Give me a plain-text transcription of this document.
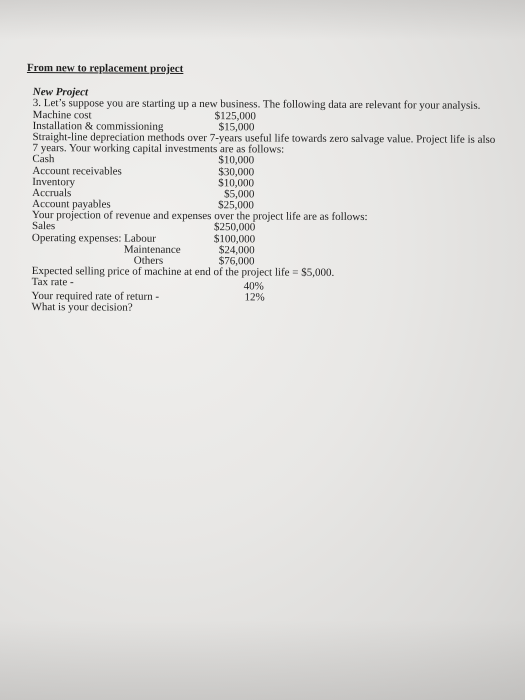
From new to replacement project
New Project
3. Let’s suppose you are starting up a new business. The following data are relevant for your analysis.
Machine cost	$125,000
Installation & commissioning	$15,000
Straight-line depreciation methods over 7-years useful life towards zero salvage value. Project life is also
7 years. Your working capital investments are as follows:
Cash	$10,000
Account receivables	$30,000
Inventory	$10,000
Accruals	$5,000
Account payables	$25,000
Your projection of revenue and expenses over the project life are as follows:
Sales	$250,000
Operating expenses: Labour	$100,000
Maintenance	$24,000
Others	$76,000
Expected selling price of machine at end of the project life = $5,000.
Tax rate -	40%
Your required rate of return -	12%
What is your decision?
